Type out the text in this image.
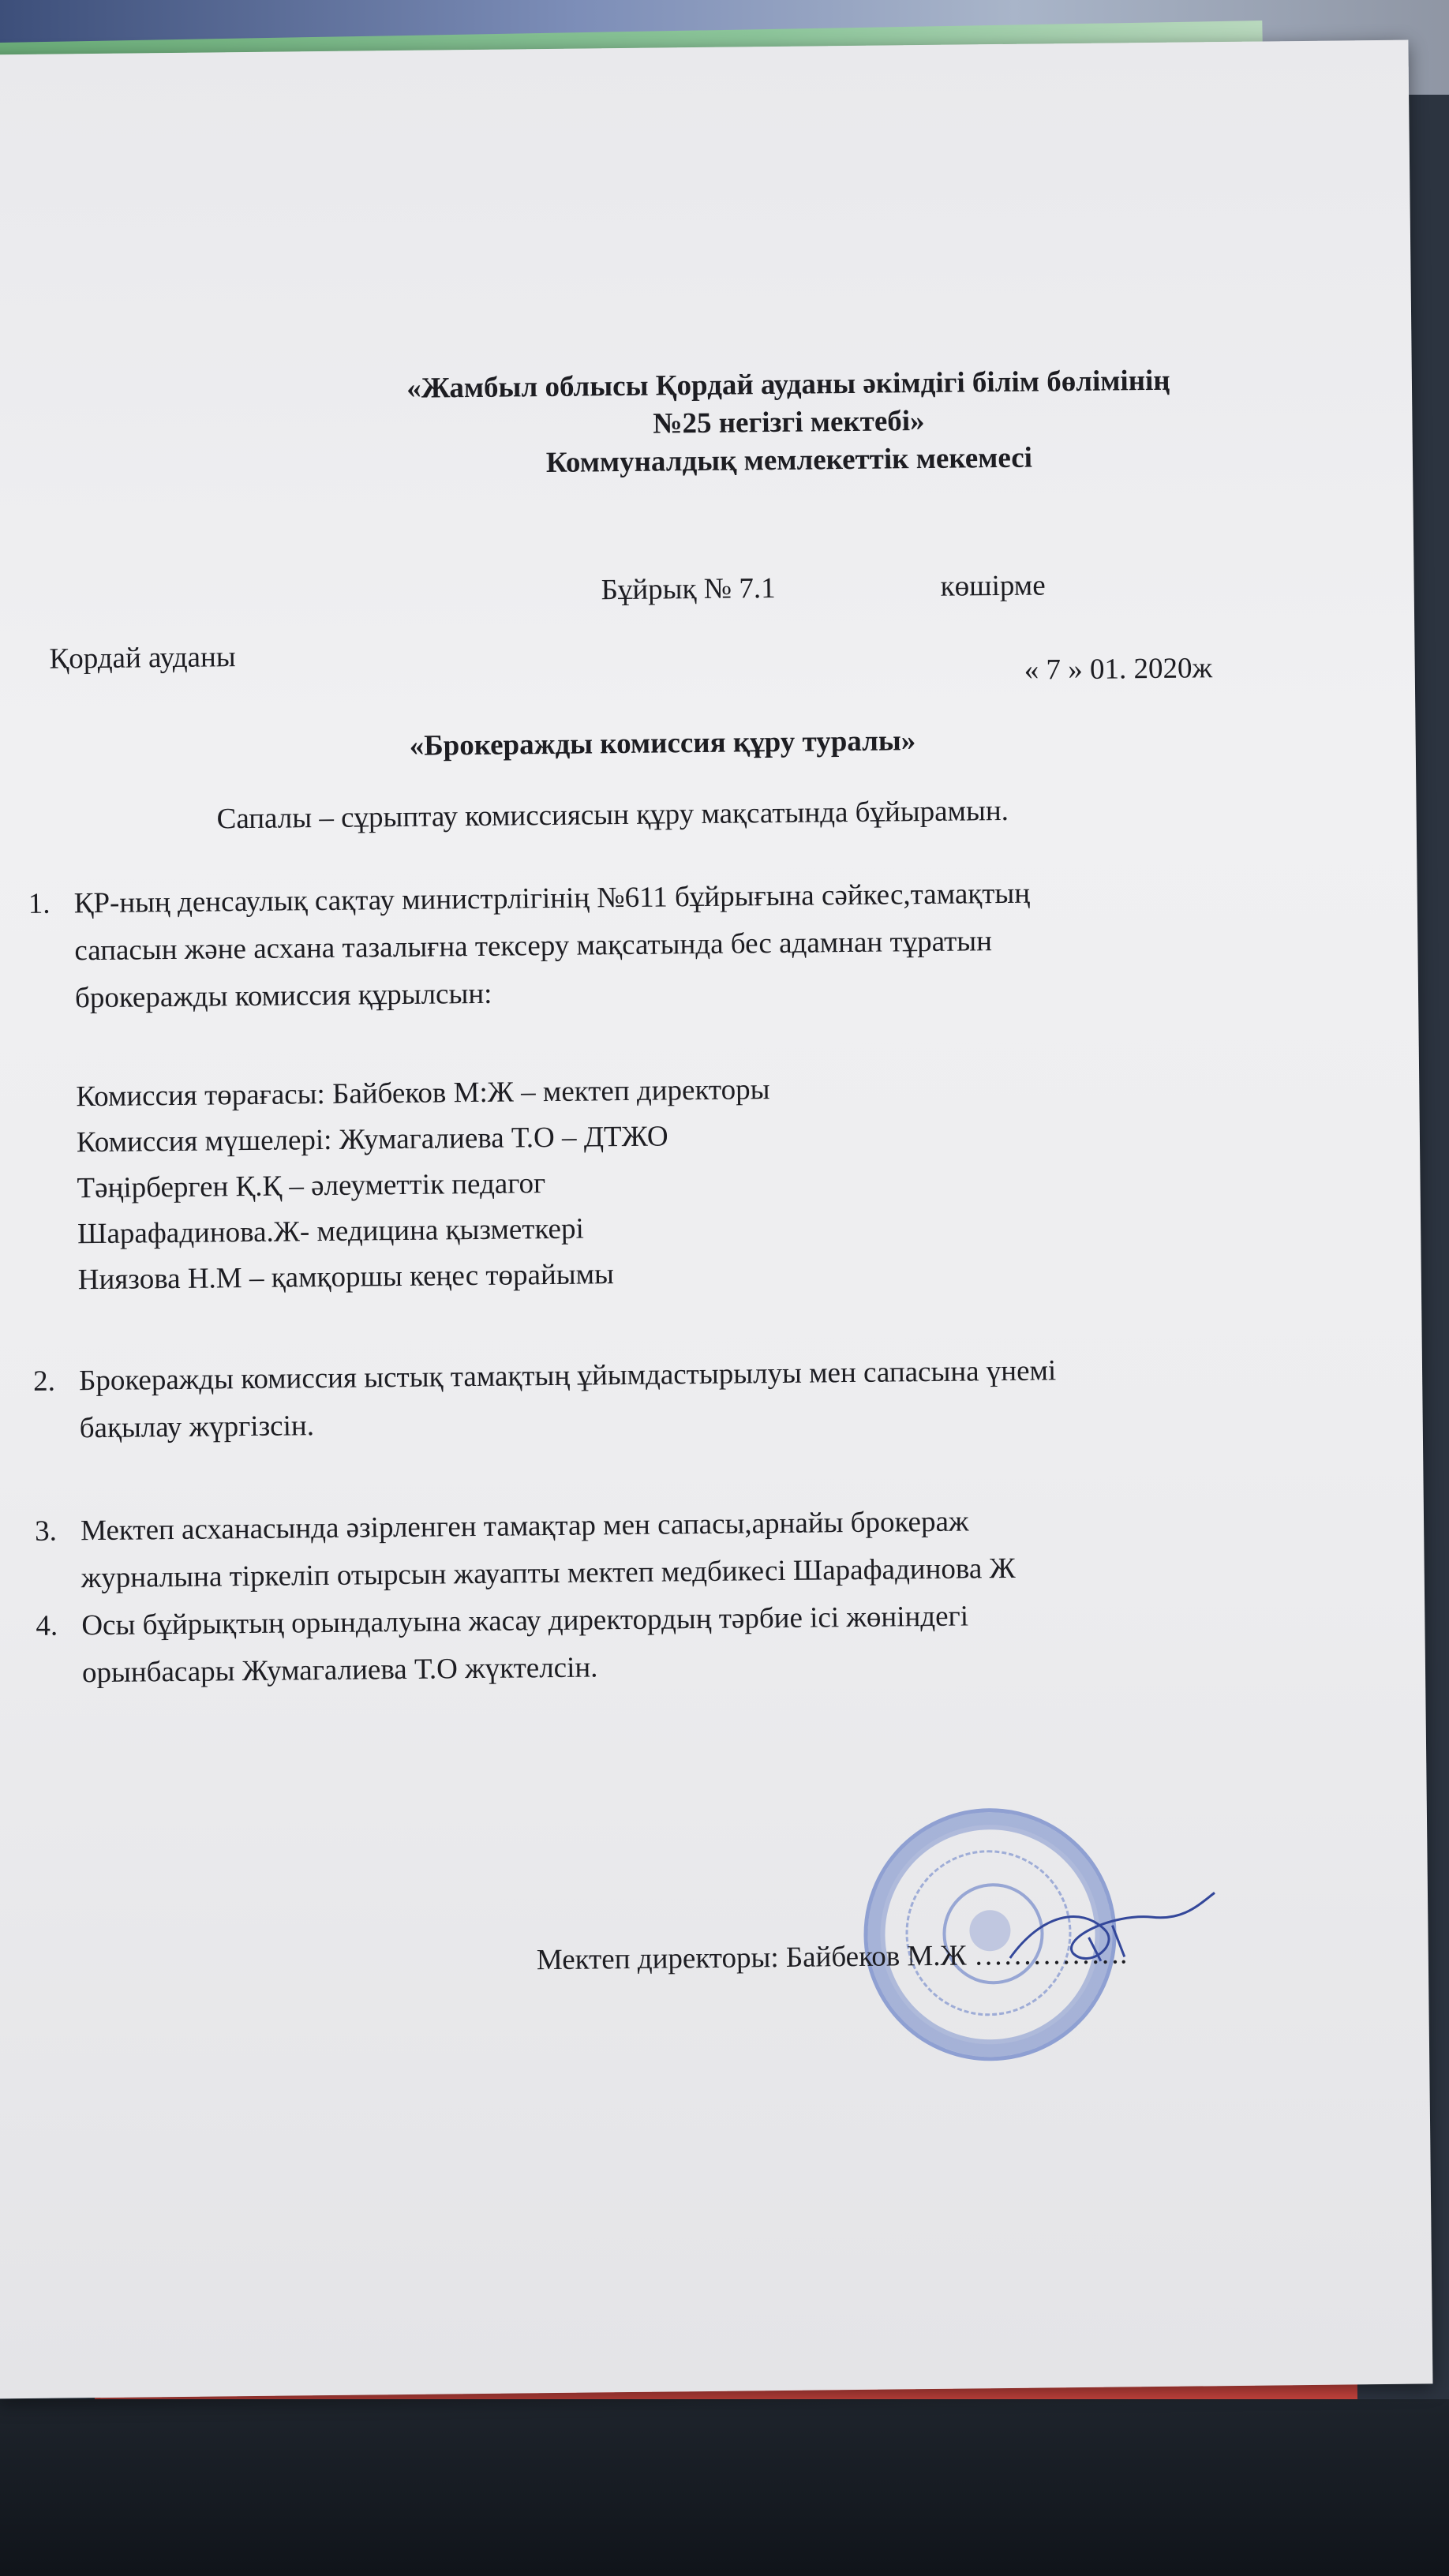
«Жамбыл облысы Қордай ауданы әкімдігі білім бөлімінің
№25 негізгі мектебі»
Коммуналдық мемлекеттік мекемесі
Бұйрық № 7.1	көшірме
Қордай ауданы	« 7 » 01. 2020ж
«Брокеражды комиссия құру туралы»
Сапалы – сұрыптау комиссиясын құру мақсатында бұйырамын.
1. ҚР-ның денсаулық сақтау министрлігінің №611 бұйрығына сәйкес,тамақтың
сапасын және асхана тазалығна тексеру мақсатында бес адамнан тұратын
брокеражды комиссия құрылсын:
Комиссия төрағасы: Байбеков М:Ж – мектеп директоры
Комиссия мүшелері: Жумагалиева Т.О – ДТЖО
Тәңірберген Қ.Қ – әлеуметтік педагог
Шарафадинова.Ж- медицина қызметкері
Ниязова Н.М – қамқоршы кеңес төрайымы
2. Брокеражды комиссия ыстық тамақтың ұйымдастырылуы мен сапасына үнемі
бақылау жүргізсін.
3. Мектеп асханасында әзірленген тамақтар мен сапасы,арнайы брокераж
журналына тіркеліп отырсын жауапты мектеп медбикесі Шарафадинова Ж
4. Осы бұйрықтың орындалуына жасау директордың тәрбие ісі жөніндегі
орынбасары Жумагалиева Т.О жүктелсін.
Мектеп директоры: Байбеков М.Ж …………….
